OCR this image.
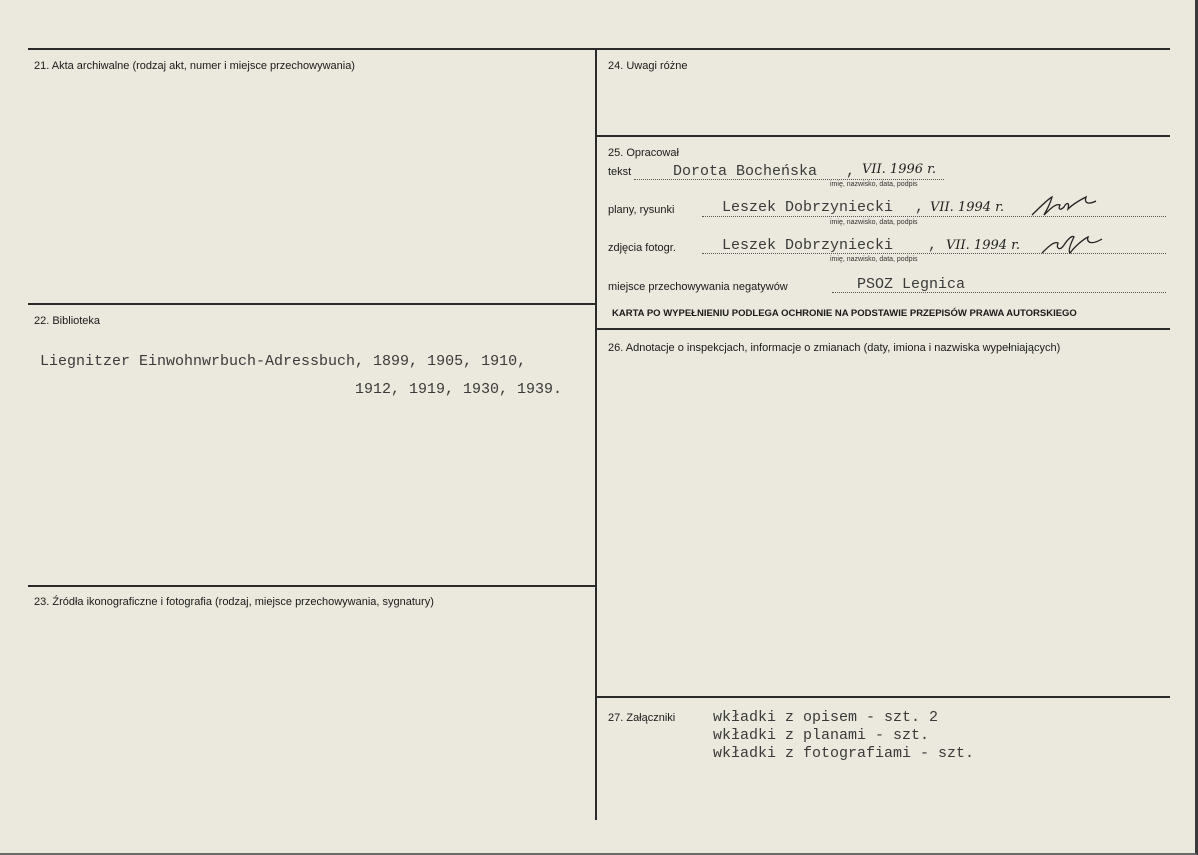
21. Akta archiwalne (rodzaj akt, numer i miejsce przechowywania)
22. Biblioteka
Liegnitzer Einwohnwrbuch-Adressbuch, 1899, 1905, 1910,
1912, 1919, 1930, 1939.
23. Źródła ikonograficzne i fotografia (rodzaj, miejsce przechowywania, sygnatury)
24. Uwagi różne
25. Opracował
tekst	Dorota Bocheńska , VII. 1996 r.
imię, nazwisko, data, podpis
plany, rysunki	Leszek Dobrzyniecki , VII. 1994 r.
imię, nazwisko, data, podpis
zdjęcia fotogr.	Leszek Dobrzyniecki , VII. 1994 r.
imię, nazwisko, data, podpis
miejsce przechowywania negatywów	PSOZ Legnica
KARTA PO WYPEŁNIENIU PODLEGA OCHRONIE NA PODSTAWIE PRZEPISÓW PRAWA AUTORSKIEGO
26. Adnotacje o inspekcjach, informacje o zmianach (daty, imiona i nazwiska wypełniających)
27. Załączniki	wkładki z opisem - szt. 2
wkładki z planami - szt.
wkładki z fotografiami - szt.
